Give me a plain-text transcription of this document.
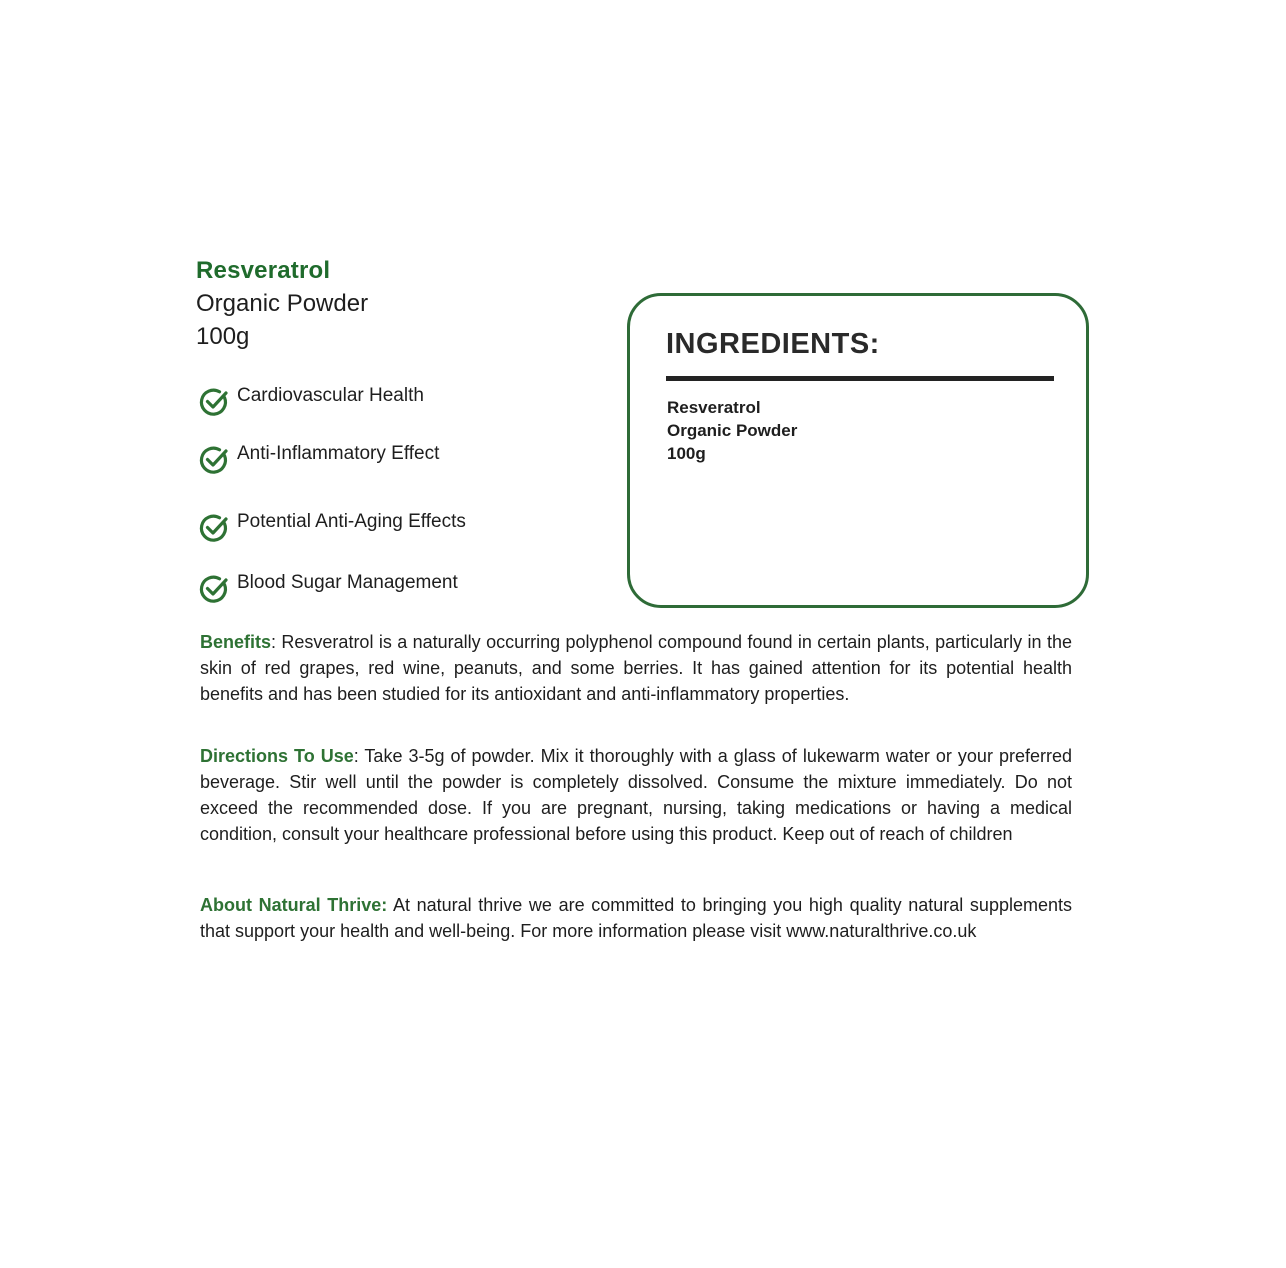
Resveratrol
Organic Powder
100g
Cardiovascular Health
Anti-Inflammatory Effect
Potential Anti-Aging Effects
Blood Sugar Management
INGREDIENTS:
Resveratrol
Organic Powder
100g

Benefits: Resveratrol is a naturally occurring polyphenol compound found in certain plants, particularly in the skin of red grapes, red wine, peanuts, and some berries. It has gained attention for its potential health benefits and has been studied for its antioxidant and anti-inflammatory properties.

Directions To Use: Take 3-5g of powder. Mix it thoroughly with a glass of lukewarm water or your preferred beverage. Stir well until the powder is completely dissolved. Consume the mixture immediately. Do not exceed the recommended dose. If you are pregnant, nursing, taking medications or having a medical condition, consult your healthcare professional before using this product. Keep out of reach of children

About Natural Thrive: At natural thrive we are committed to bringing you high quality natural supplements that support your health and well-being. For more information please visit www.naturalthrive.co.uk
